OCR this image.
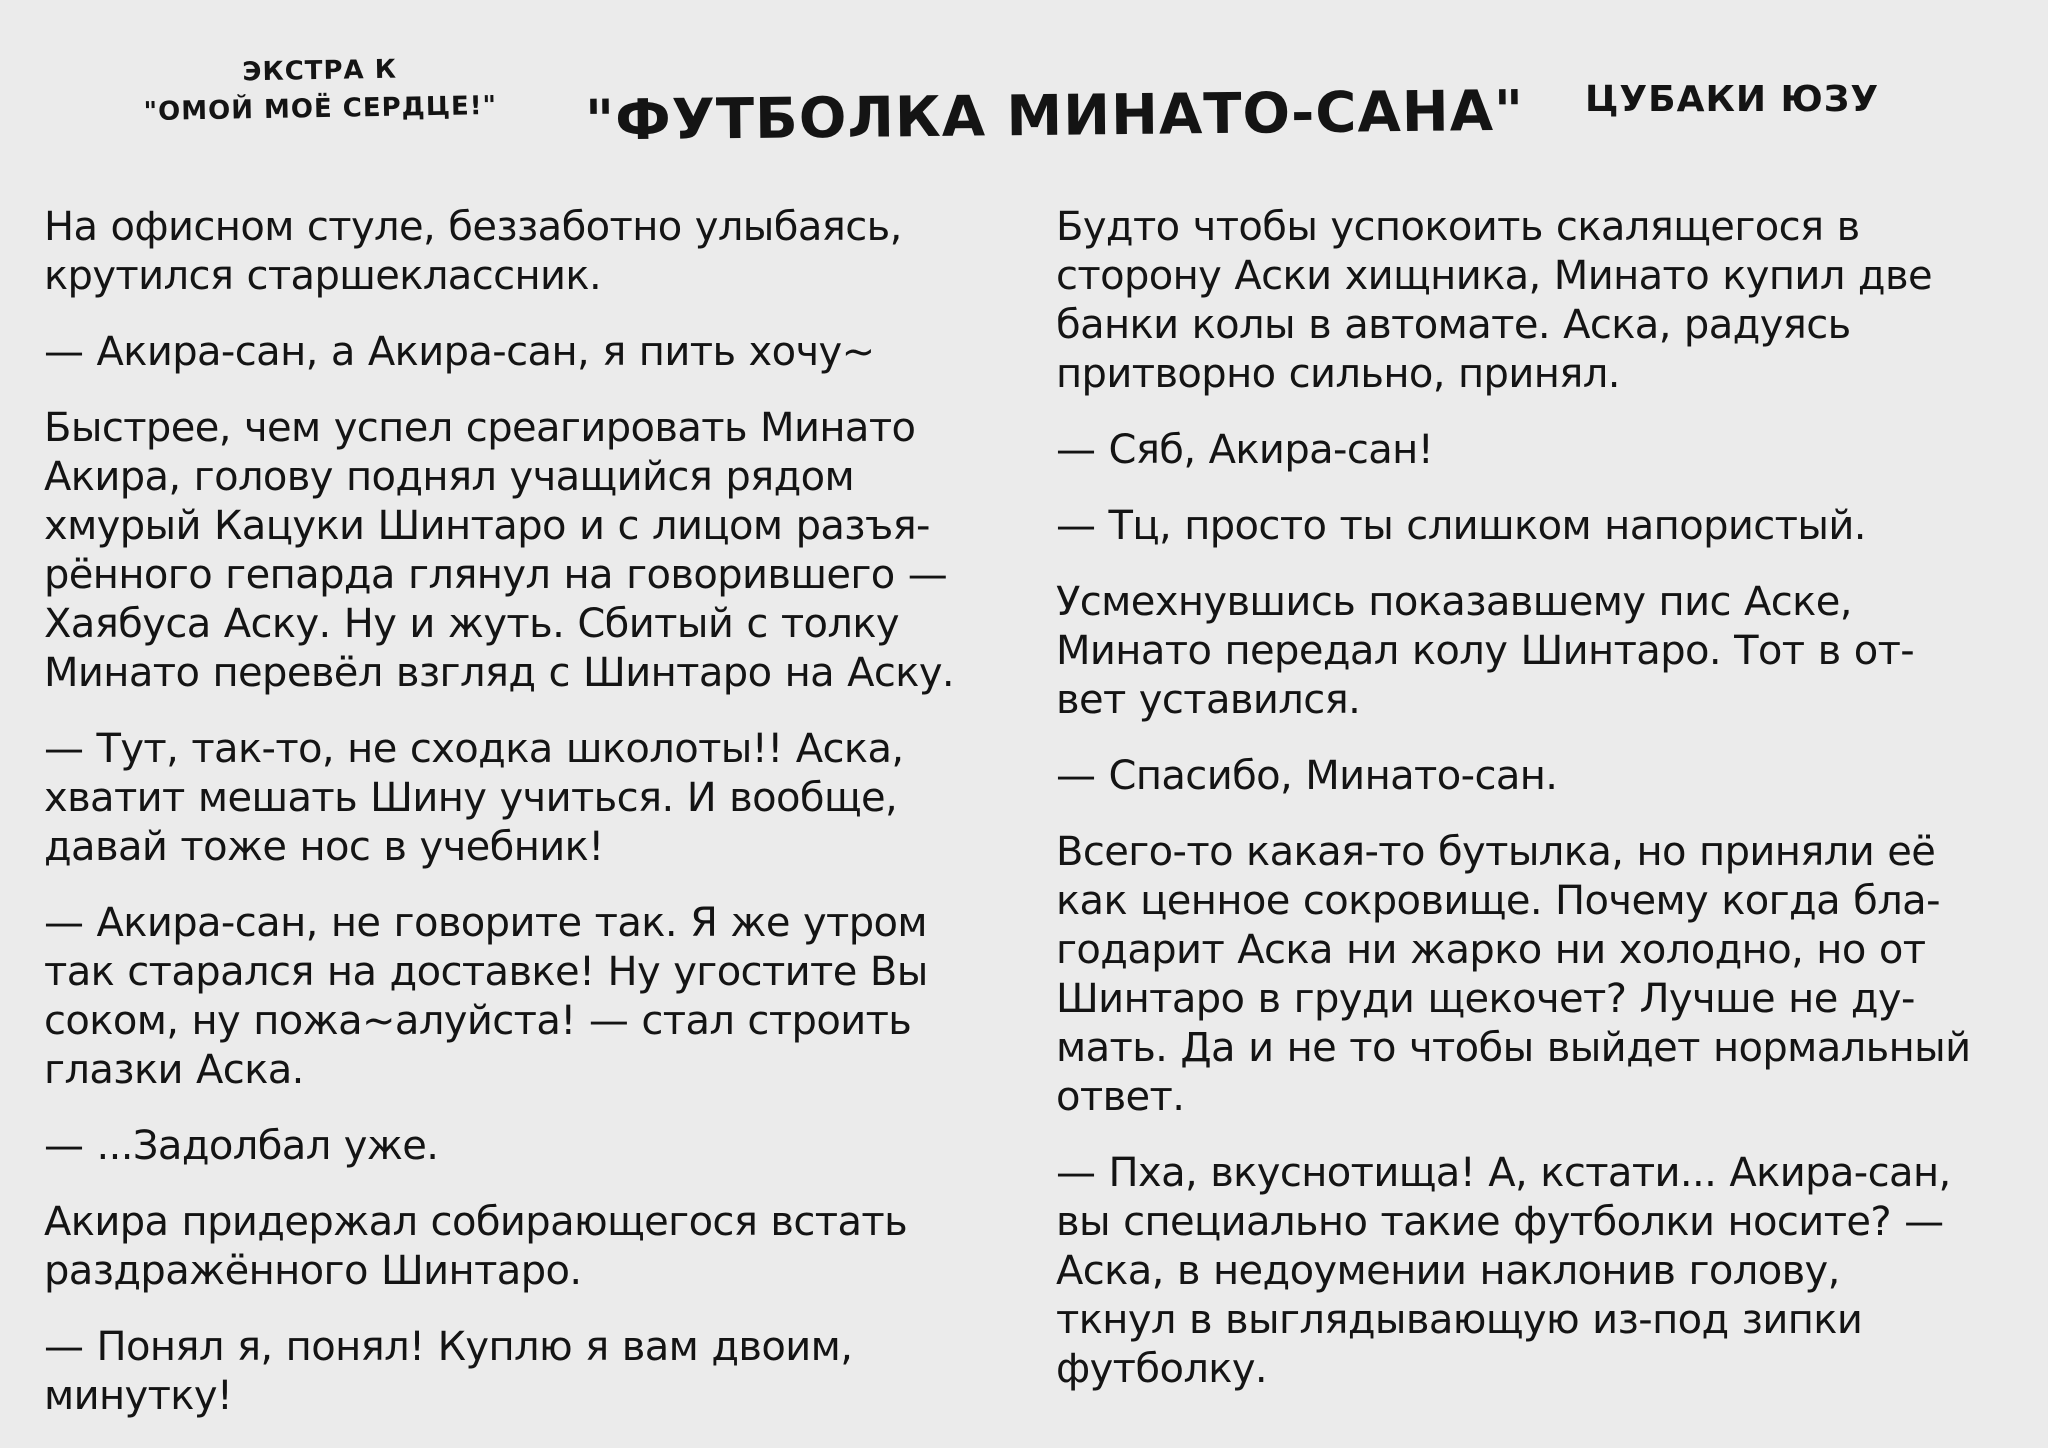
ЭКСТРА К
"ОМОЙ МОЁ СЕРДЦЕ!"	"ФУТБОЛКА МИНАТО-САНА" ЦУБАКИ ЮЗУ
На офисном стуле, беззаботно улыбаясь,
крутился старшеклассник.
— Акира-сан, а Акира-сан, я пить хочу~
Быстрее, чем успел среагировать Минато
Акира, голову поднял учащийся рядом
хмурый Кацуки Шинтаро и с лицом разъя-
рённого гепарда глянул на говорившего —
Хаябуса Аску. Ну и жуть. Сбитый с толку
Минато перевёл взгляд с Шинтаро на Аску.
— Тут, так-то, не сходка школоты!! Аска,
хватит мешать Шину учиться. И вообще,
давай тоже нос в учебник!
— Акира-сан, не говорите так. Я же утром
так старался на доставке! Ну угостите Вы
соком, ну пожа~алуйста! — стал строить
глазки Аска.
— ...Задолбал уже.
Акира придержал собирающегося встать
раздражённого Шинтаро.
— Понял я, понял! Куплю я вам двоим,
минутку!
Будто чтобы успокоить скалящегося в
сторону Аски хищника, Минато купил две
банки колы в автомате. Аска, радуясь
притворно сильно, принял.
— Сяб, Акира-сан!
— Тц, просто ты слишком напористый.
Усмехнувшись показавшему пис Аске,
Минато передал колу Шинтаро. Тот в от-
вет уставился.
— Спасибо, Минато-сан.
Всего-то какая-то бутылка, но приняли её
как ценное сокровище. Почему когда бла-
годарит Аска ни жарко ни холодно, но от
Шинтаро в груди щекочет? Лучше не ду-
мать. Да и не то чтобы выйдет нормальный
ответ.
— Пха, вкуснотища! А, кстати... Акира-сан,
вы специально такие футболки носите? —
Аска, в недоумении наклонив голову,
ткнул в выглядывающую из-под зипки
футболку.
